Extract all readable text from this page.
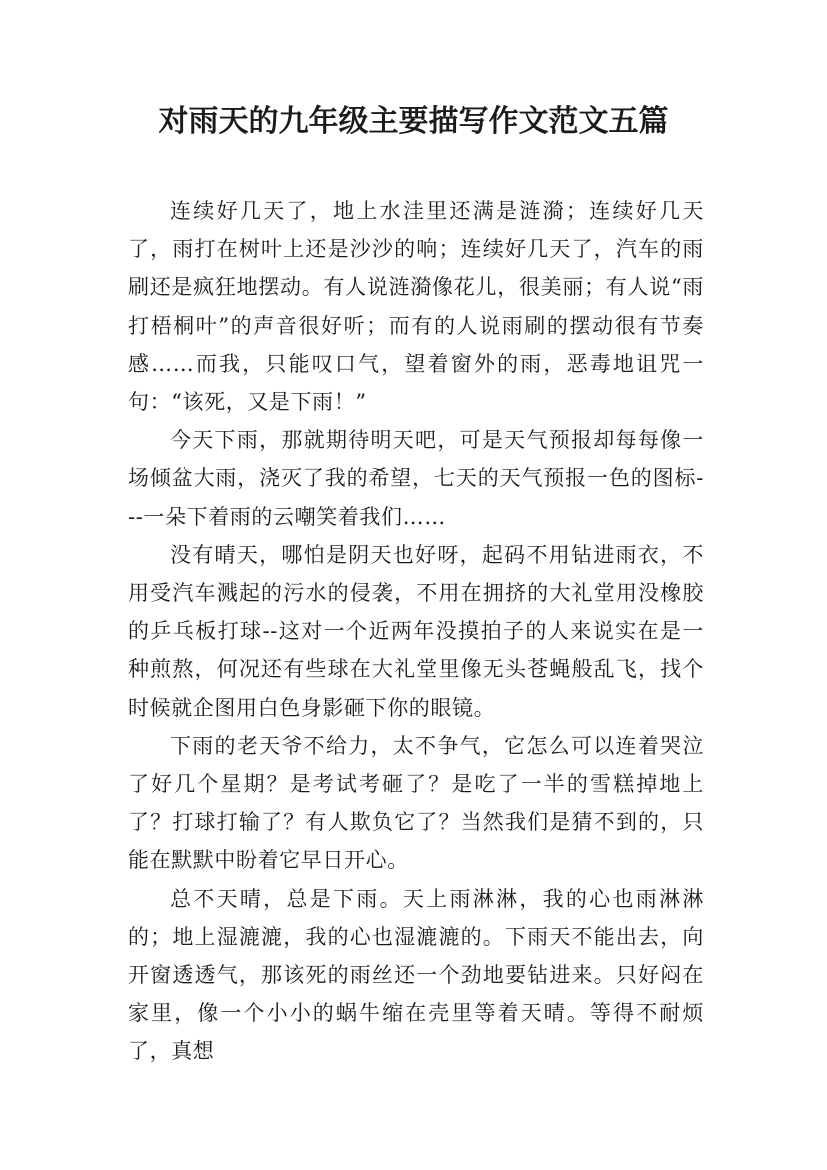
对雨天的九年级主要描写作文范文五篇

连续好几天了，地上水洼里还满是涟漪；连续好几天了，雨打在树叶上还是沙沙的响；连续好几天了，汽车的雨刷还是疯狂地摆动。有人说涟漪像花儿，很美丽；有人说“雨打梧桐叶”的声音很好听；而有的人说雨刷的摆动很有节奏感……而我，只能叹口气，望着窗外的雨，恶毒地诅咒一句：“该死，又是下雨！”

今天下雨，那就期待明天吧，可是天气预报却每每像一场倾盆大雨，浇灭了我的希望，七天的天气预报一色的图标---一朵下着雨的云嘲笑着我们……

没有晴天，哪怕是阴天也好呀，起码不用钻进雨衣，不用受汽车溅起的污水的侵袭，不用在拥挤的大礼堂用没橡胶的乒乓板打球--这对一个近两年没摸拍子的人来说实在是一种煎熬，何况还有些球在大礼堂里像无头苍蝇般乱飞，找个时候就企图用白色身影砸下你的眼镜。

下雨的老天爷不给力，太不争气，它怎么可以连着哭泣了好几个星期？是考试考砸了？是吃了一半的雪糕掉地上了？打球打输了？有人欺负它了？当然我们是猜不到的，只能在默默中盼着它早日开心。

总不天晴，总是下雨。天上雨淋淋，我的心也雨淋淋的；地上湿漉漉，我的心也湿漉漉的。下雨天不能出去，向开窗透透气，那该死的雨丝还一个劲地要钻进来。只好闷在家里，像一个小小的蜗牛缩在壳里等着天晴。等得不耐烦了，真想
